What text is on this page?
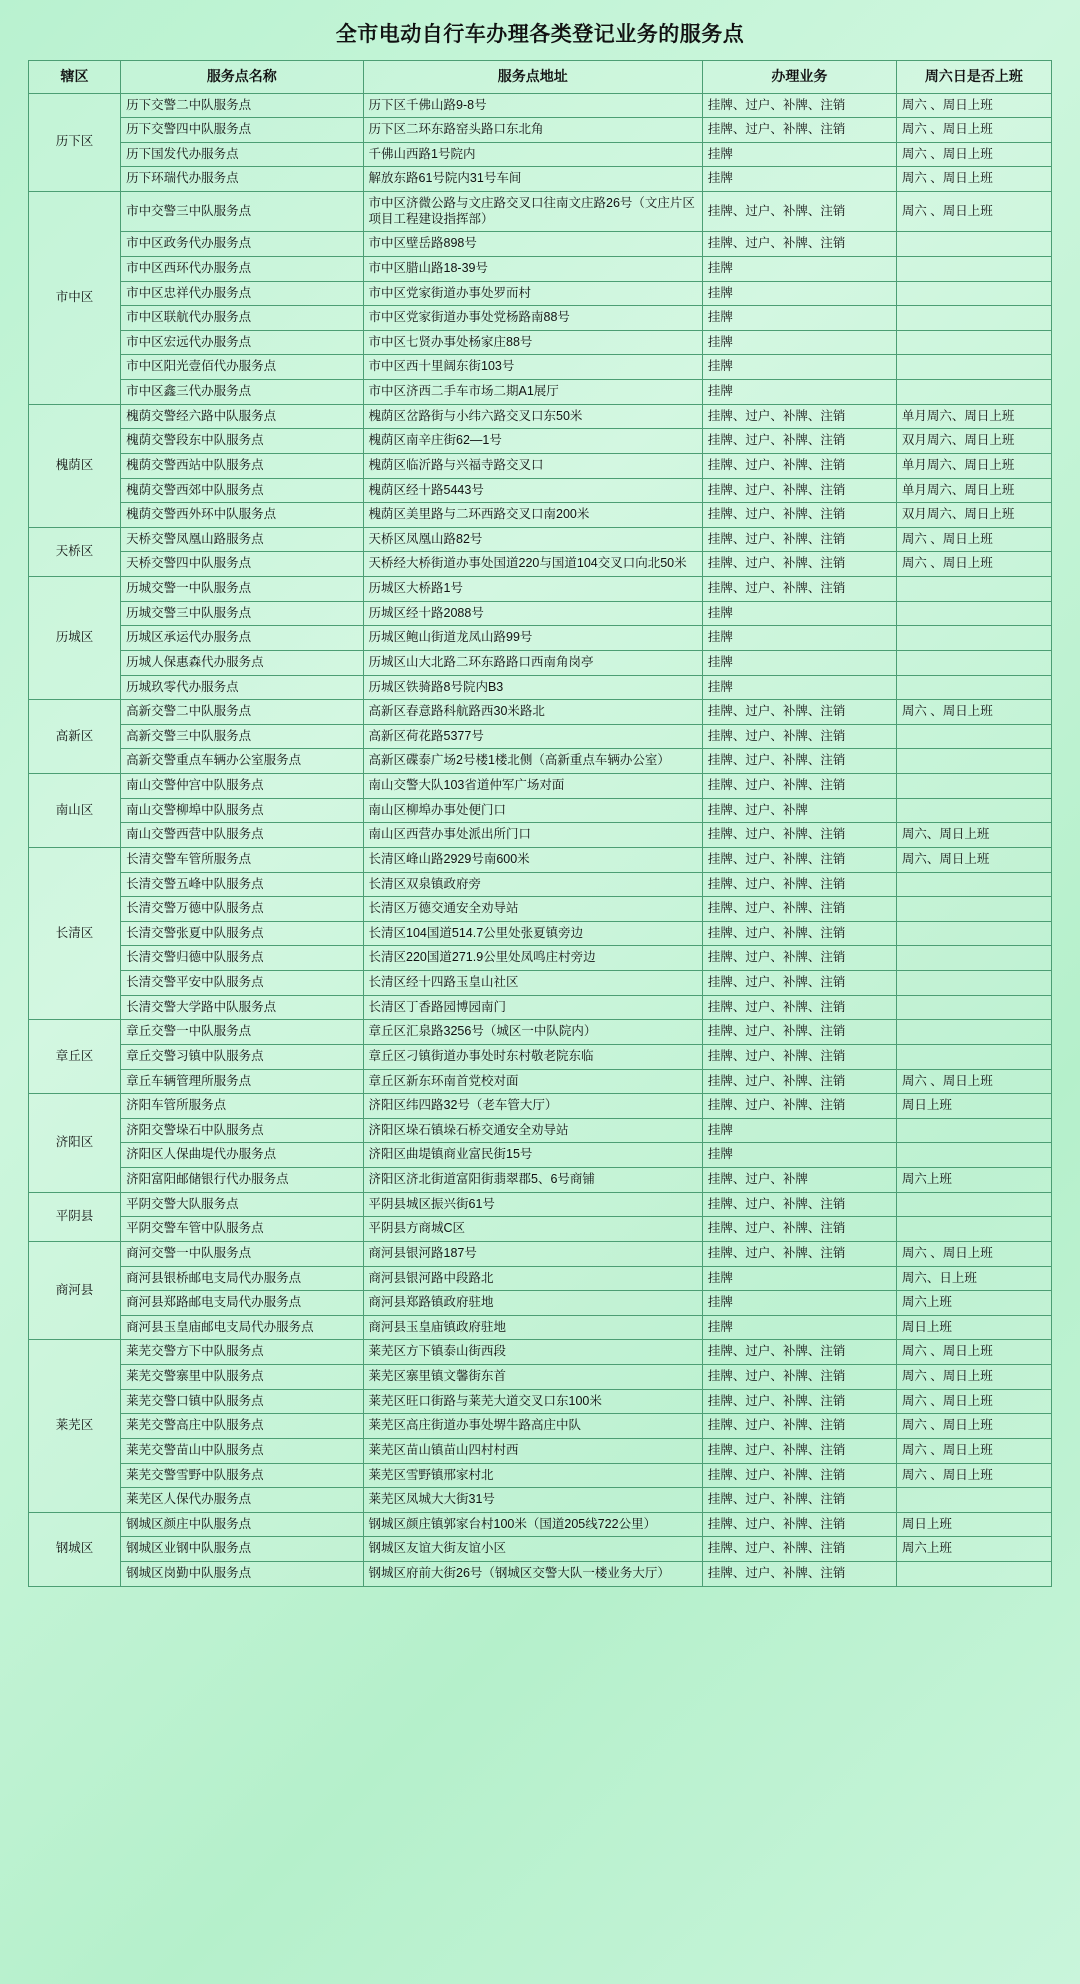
全市电动自行车办理各类登记业务的服务点
辖区	服务点名称	服务点地址	办理业务	周六日是否上班
历下区	历下交警二中队服务点	历下区千佛山路9-8号	挂牌、过户、补牌、注销	周六 、周日上班
	历下交警四中队服务点	历下区二环东路窑头路口东北角	挂牌、过户、补牌、注销	周六 、周日上班
	历下国发代办服务点	千佛山西路1号院内	挂牌	周六 、周日上班
	历下环瑞代办服务点	解放东路61号院内31号车间	挂牌	周六 、周日上班
市中区	市中交警三中队服务点	市中区济微公路与文庄路交叉口往南文庄路26号（文庄片区项目工程建设指挥部）	挂牌、过户、补牌、注销	周六 、周日上班
	市中区政务代办服务点	市中区壁岳路898号	挂牌、过户、补牌、注销	
	市中区西环代办服务点	市中区腊山路18-39号	挂牌	
	市中区忠祥代办服务点	市中区党家街道办事处罗而村	挂牌	
	市中区联航代办服务点	市中区党家街道办事处党杨路南88号	挂牌	
	市中区宏远代办服务点	市中区七贤办事处杨家庄88号	挂牌	
	市中区阳光壹佰代办服务点	市中区西十里阔东街103号	挂牌	
	市中区鑫三代办服务点	市中区济西二手车市场二期A1展厅	挂牌	
槐荫区	槐荫交警经六路中队服务点	槐荫区岔路街与小纬六路交叉口东50米	挂牌、过户、补牌、注销	单月周六、周日上班
	槐荫交警段东中队服务点	槐荫区南辛庄街62—1号	挂牌、过户、补牌、注销	双月周六、周日上班
	槐荫交警西站中队服务点	槐荫区临沂路与兴福寺路交叉口	挂牌、过户、补牌、注销	单月周六、周日上班
	槐荫交警西郊中队服务点	槐荫区经十路5443号	挂牌、过户、补牌、注销	单月周六、周日上班
	槐荫交警西外环中队服务点	槐荫区美里路与二环西路交叉口南200米	挂牌、过户、补牌、注销	双月周六、周日上班
天桥区	天桥交警凤凰山路服务点	天桥区凤凰山路82号	挂牌、过户、补牌、注销	周六 、周日上班
	天桥交警四中队服务点	天桥经大桥街道办事处国道220与国道104交叉口向北50米	挂牌、过户、补牌、注销	周六 、周日上班
历城区	历城交警一中队服务点	历城区大桥路1号	挂牌、过户、补牌、注销	
	历城交警三中队服务点	历城区经十路2088号	挂牌	
	历城区承运代办服务点	历城区鲍山街道龙凤山路99号	挂牌	
	历城人保惠森代办服务点	历城区山大北路二环东路路口西南角岗亭	挂牌	
	历城玖零代办服务点	历城区铁骑路8号院内B3	挂牌	
高新区	高新交警二中队服务点	高新区春意路科航路西30米路北	挂牌、过户、补牌、注销	周六 、周日上班
	高新交警三中队服务点	高新区荷花路5377号	挂牌、过户、补牌、注销	
	高新交警重点车辆办公室服务点	高新区碟泰广场2号楼1楼北侧（高新重点车辆办公室）	挂牌、过户、补牌、注销	
南山区	南山交警仲宫中队服务点	南山交警大队103省道仲军广场对面	挂牌、过户、补牌、注销	
	南山交警柳埠中队服务点	南山区柳埠办事处便门口	挂牌、过户、补牌	
	南山交警西营中队服务点	南山区西营办事处派出所门口	挂牌、过户、补牌、注销	周六、周日上班
长清区	长清交警车管所服务点	长清区峰山路2929号南600米	挂牌、过户、补牌、注销	周六、周日上班
	长清交警五峰中队服务点	长清区双泉镇政府旁	挂牌、过户、补牌、注销	
	长清交警万德中队服务点	长清区万德交通安全劝导站	挂牌、过户、补牌、注销	
	长清交警张夏中队服务点	长清区104国道514.7公里处张夏镇旁边	挂牌、过户、补牌、注销	
	长清交警归德中队服务点	长清区220国道271.9公里处凤鸣庄村旁边	挂牌、过户、补牌、注销	
	长清交警平安中队服务点	长清区经十四路玉皇山社区	挂牌、过户、补牌、注销	
	长清交警大学路中队服务点	长清区丁香路园博园南门	挂牌、过户、补牌、注销	
章丘区	章丘交警一中队服务点	章丘区汇泉路3256号（城区一中队院内）	挂牌、过户、补牌、注销	
	章丘交警习镇中队服务点	章丘区刁镇街道办事处时东村敬老院东临	挂牌、过户、补牌、注销	
	章丘车辆管理所服务点	章丘区新东环南首党校对面	挂牌、过户、补牌、注销	周六 、周日上班
济阳区	济阳车管所服务点	济阳区纬四路32号（老车管大厅）	挂牌、过户、补牌、注销	周日上班
	济阳交警垛石中队服务点	济阳区垛石镇垛石桥交通安全劝导站	挂牌	
	济阳区人保曲堤代办服务点	济阳区曲堤镇商业富民街15号	挂牌	
	济阳富阳邮储银行代办服务点	济阳区济北街道富阳街翡翠郡5、6号商铺	挂牌、过户、补牌	周六上班
平阴县	平阴交警大队服务点	平阴县城区振兴街61号	挂牌、过户、补牌、注销	
	平阴交警车管中队服务点	平阴县方商城C区	挂牌、过户、补牌、注销	
商河县	商河交警一中队服务点	商河县银河路187号	挂牌、过户、补牌、注销	周六 、周日上班
	商河县银桥邮电支局代办服务点	商河县银河路中段路北	挂牌	周六、日上班
	商河县郑路邮电支局代办服务点	商河县郑路镇政府驻地	挂牌	周六上班
	商河县玉皇庙邮电支局代办服务点	商河县玉皇庙镇政府驻地	挂牌	周日上班
莱芜区	莱芜交警方下中队服务点	莱芜区方下镇泰山街西段	挂牌、过户、补牌、注销	周六 、周日上班
	莱芜交警寨里中队服务点	莱芜区寨里镇文馨街东首	挂牌、过户、补牌、注销	周六 、周日上班
	莱芜交警口镇中队服务点	莱芜区旺口街路与莱芜大道交叉口东100米	挂牌、过户、补牌、注销	周六 、周日上班
	莱芜交警高庄中队服务点	莱芜区高庄街道办事处堺牛路高庄中队	挂牌、过户、补牌、注销	周六 、周日上班
	莱芜交警苗山中队服务点	莱芜区苗山镇苗山四村村西	挂牌、过户、补牌、注销	周六 、周日上班
	莱芜交警雪野中队服务点	莱芜区雪野镇邢家村北	挂牌、过户、补牌、注销	周六 、周日上班
	莱芜区人保代办服务点	莱芜区凤城大大街31号	挂牌、过户、补牌、注销	
钢城区	钢城区颜庄中队服务点	钢城区颜庄镇郭家台村100米（国道205线722公里）	挂牌、过户、补牌、注销	周日上班
	钢城区业钢中队服务点	钢城区友谊大街友谊小区	挂牌、过户、补牌、注销	周六上班
	钢城区岗勤中队服务点	钢城区府前大街26号（钢城区交警大队一楼业务大厅）	挂牌、过户、补牌、注销	
